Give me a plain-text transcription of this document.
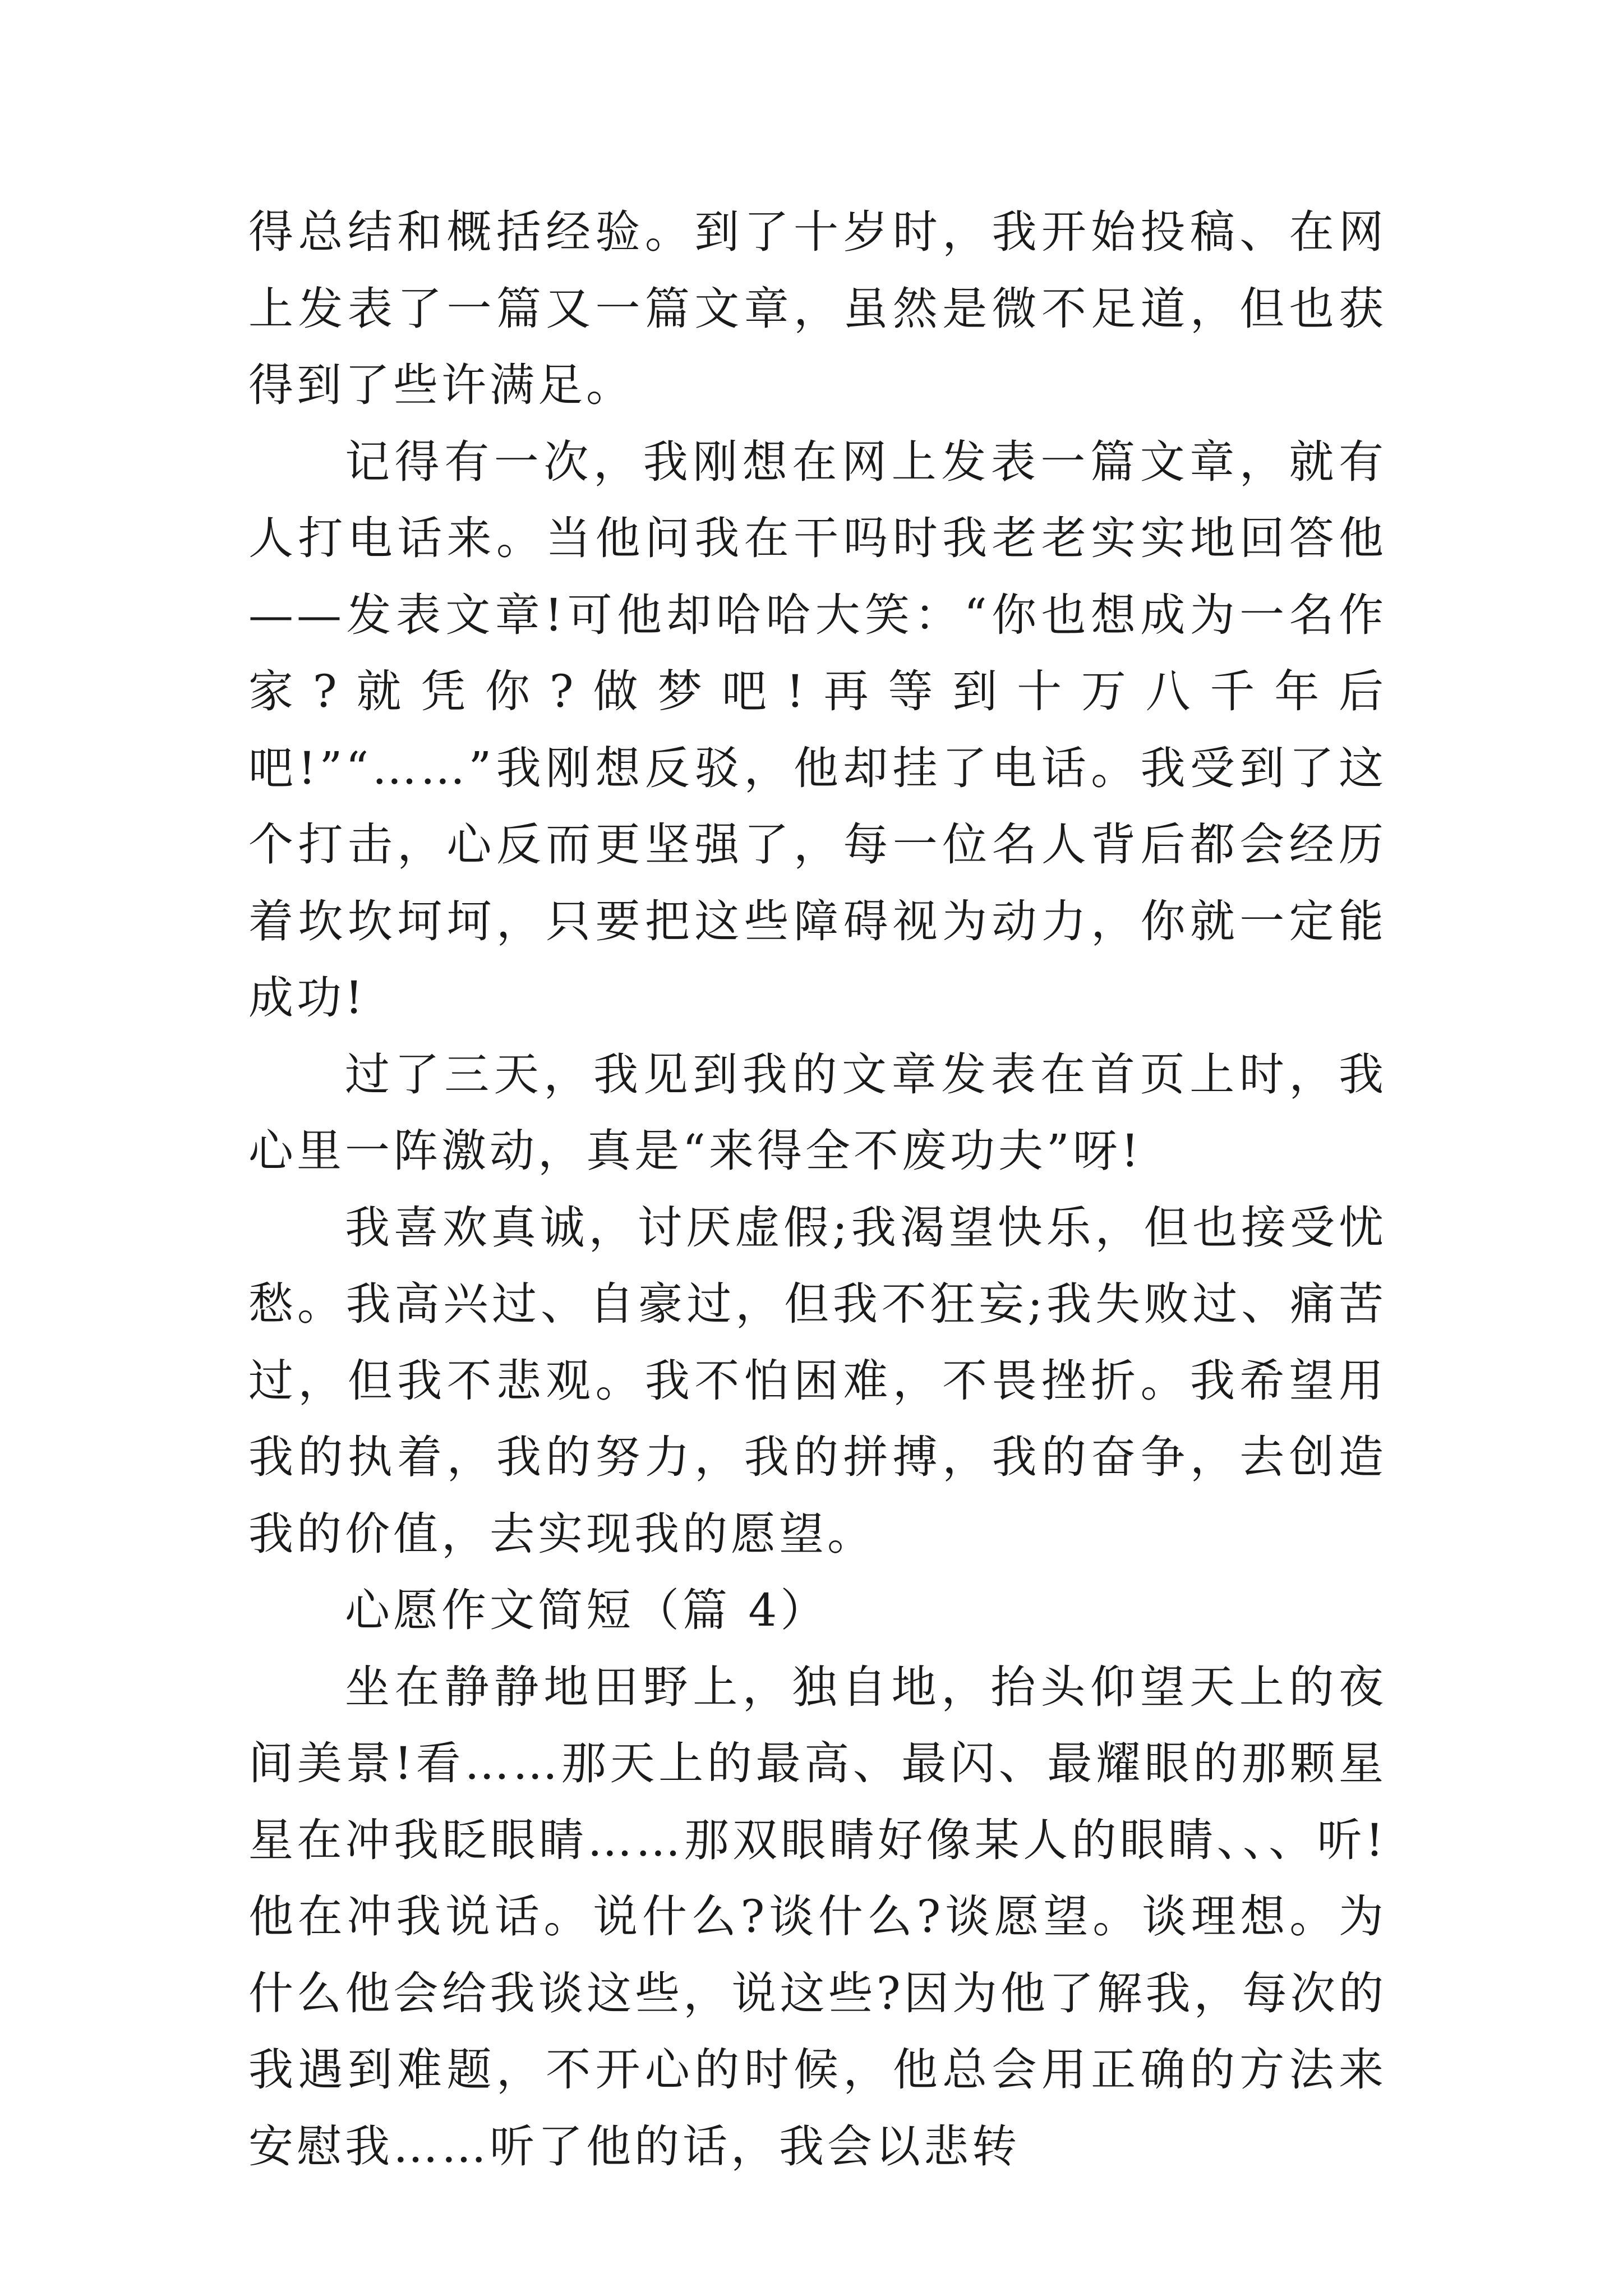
得总结和概括经验。到了十岁时，我开始投稿、在网上发表了一篇又一篇文章，虽然是微不足道，但也获得到了些许满足。

记得有一次，我刚想在网上发表一篇文章，就有人打电话来。当他问我在干吗时我老老实实地回答他——发表文章!可他却哈哈大笑：“你也想成为一名作家?就凭你?做梦吧!再等到十万八千年后吧!”“……”我刚想反驳，他却挂了电话。我受到了这个打击，心反而更坚强了，每一位名人背后都会经历着坎坎坷坷，只要把这些障碍视为动力，你就一定能成功!

过了三天，我见到我的文章发表在首页上时，我心里一阵激动，真是“来得全不废功夫”呀!

我喜欢真诚，讨厌虚假;我渴望快乐，但也接受忧愁。我高兴过、自豪过，但我不狂妄;我失败过、痛苦过，但我不悲观。我不怕困难，不畏挫折。我希望用我的执着，我的努力，我的拼搏，我的奋争，去创造我的价值，去实现我的愿望。

心愿作文简短（篇 4）

坐在静静地田野上，独自地，抬头仰望天上的夜间美景!看……那天上的最高、最闪、最耀眼的那颗星星在冲我眨眼睛……那双眼睛好像某人的眼睛、、、听!他在冲我说话。说什么?谈什么?谈愿望。谈理想。为什么他会给我谈这些，说这些?因为他了解我，每次的我遇到难题，不开心的时候，他总会用正确的方法来安慰我……听了他的话，我会以悲转
